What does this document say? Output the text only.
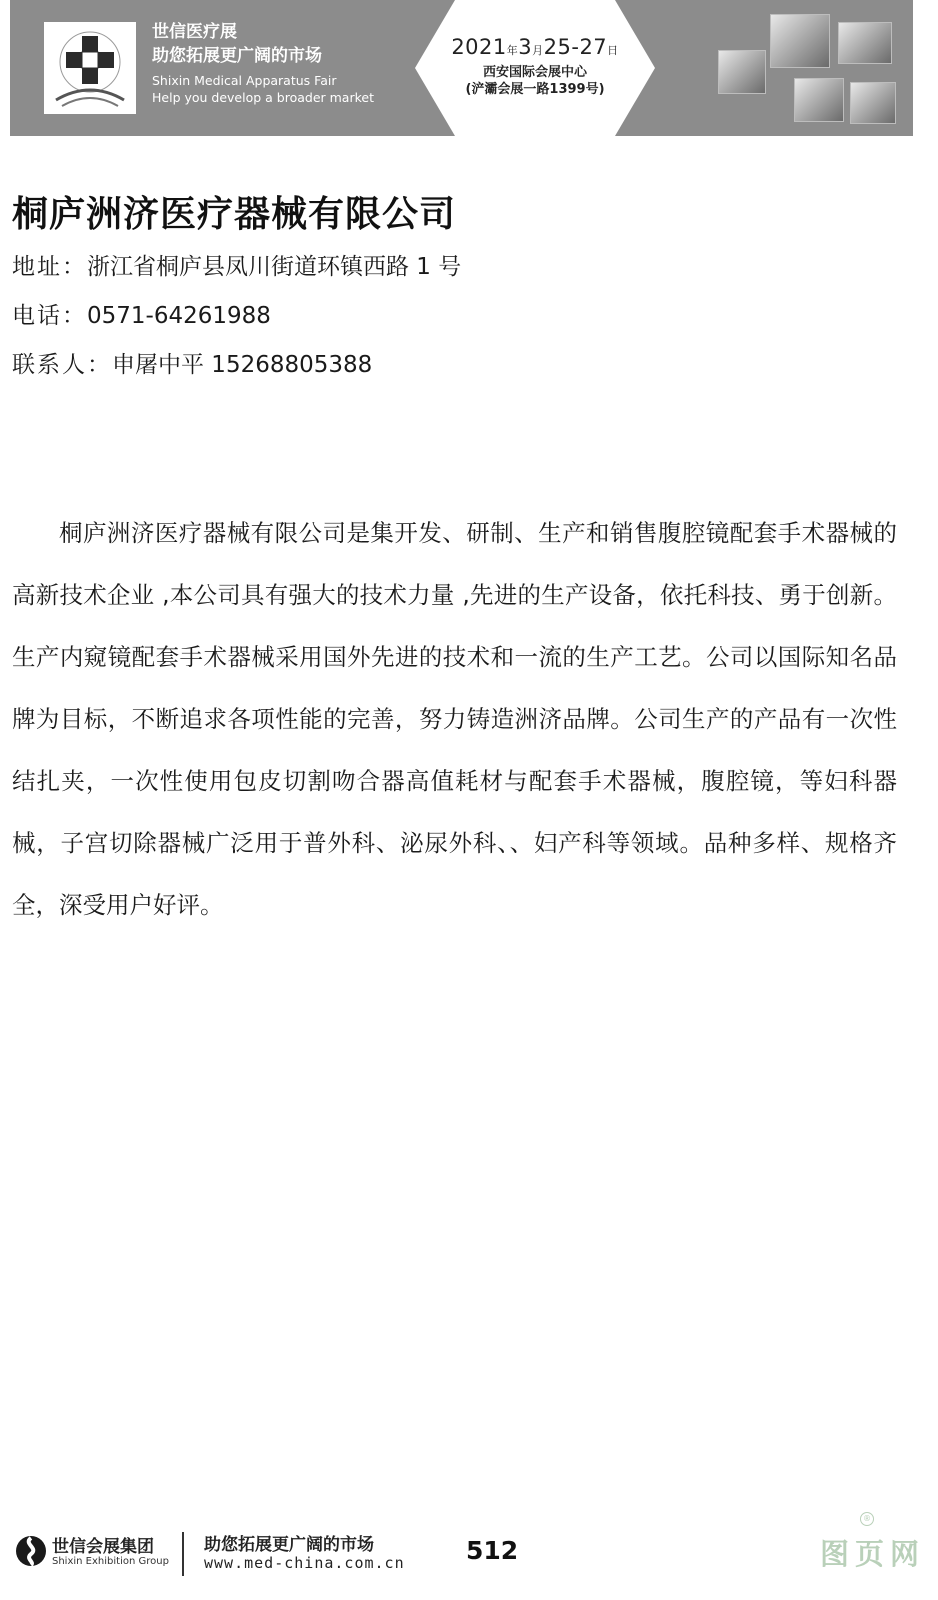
世信医疗展
助您拓展更广阔的市场
Shixin Medical Apparatus Fair
Help you develop a broader market
2021年3月25-27日
西安国际会展中心
(浐灞会展一路1399号)
桐庐洲济医疗器械有限公司
地址：浙江省桐庐县凤川街道环镇西路 1 号
电话：0571-64261988
联系人：申屠中平 15268805388

桐庐洲济医疗器械有限公司是集开发、研制、生产和销售腹腔镜配套手术器械的高新技术企业 ,本公司具有强大的技术力量 ,先进的生产设备，依托科技、勇于创新。生产内窥镜配套手术器械采用国外先进的技术和一流的生产工艺。公司以国际知名品牌为目标，不断追求各项性能的完善，努力铸造洲济品牌。公司生产的产品有一次性结扎夹，一次性使用包皮切割吻合器高值耗材与配套手术器械，腹腔镜，等妇科器械，子宫切除器械广泛用于普外科、泌尿外科、、妇产科等领域。品种多样、规格齐全，深受用户好评。

世信会展集团
Shixin Exhibition Group
助您拓展更广阔的市场
www.med-china.com.cn 512	图页网
®
